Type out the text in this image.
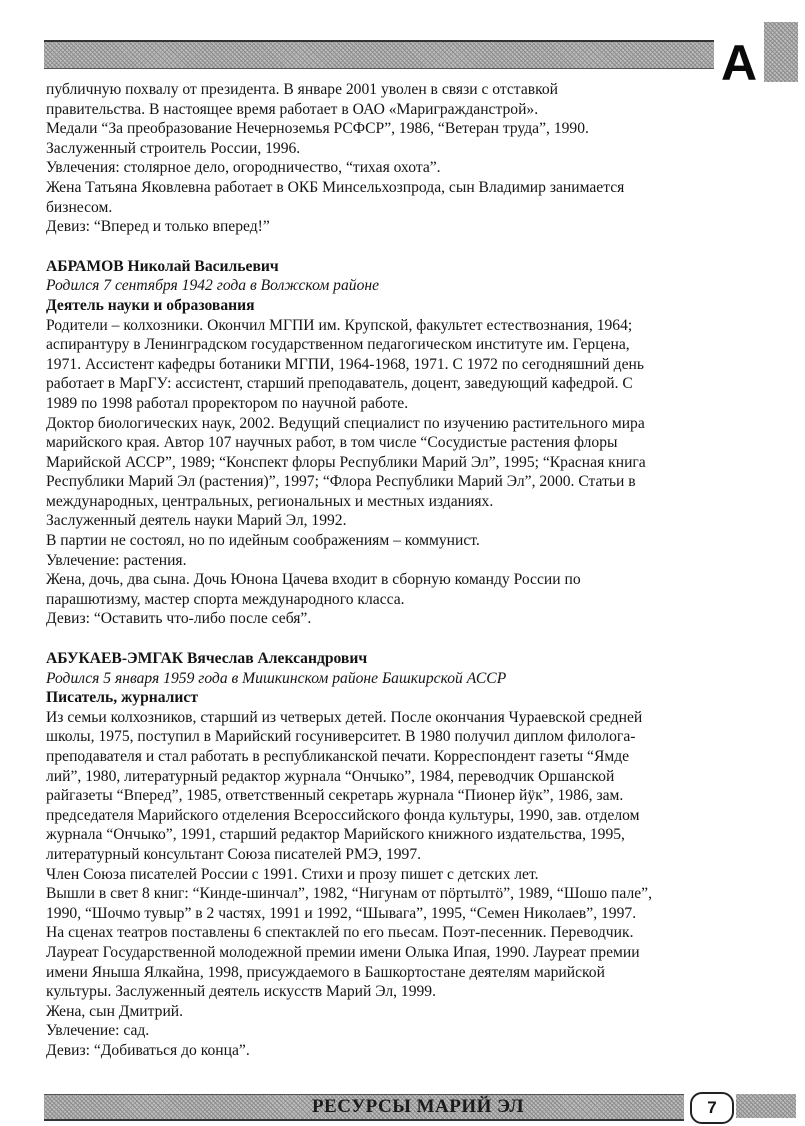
А
публичную похвалу от президента. В январе 2001 уволен в связи с отставкой
правительства. В настоящее время работает в ОАО «Мариграждaнстрой».
Медали “За преобразование Нечерноземья РСФСР”, 1986, “Ветеран труда”, 1990.
Заслуженный строитель России, 1996.
Увлечения: столярное дело, огородничество, “тихая охота”.
Жена Татьяна Яковлевна работает в ОКБ Минсельхозпрода, сын Владимир занимается
бизнесом.
Девиз: “Вперед и только вперед!”
АБРАМОВ Николай Васильевич
Родился 7 сентября 1942 года в Волжском районе
Деятель науки и образования
Родители – колхозники. Окончил МГПИ им. Крупской, факультет естествознания, 1964;
аспирантуру в Ленинградском государственном педагогическом институте им. Герцена,
1971. Ассистент кафедры ботаники МГПИ, 1964-1968, 1971. С 1972 по сегодняшний день
работает в МарГУ: ассистент, старший преподаватель, доцент, заведующий кафедрой. С
1989 по 1998 работал проректором по научной работе.
Доктор биологических наук, 2002. Ведущий специалист по изучению растительного мира
марийского края. Автор 107 научных работ, в том числе “Сосудистые растения флоры
Марийской АССР”, 1989; “Конспект флоры Республики Марий Эл”, 1995; “Красная книга
Республики Марий Эл (растения)”, 1997; “Флора Республики Марий Эл”, 2000. Статьи в
международных, центральных, региональных и местных изданиях.
Заслуженный деятель науки Марий Эл, 1992.
В партии не состоял, но по идейным соображениям – коммунист.
Увлечение: растения.
Жена, дочь, два сына. Дочь Юнона Цачева входит в сборную команду России по
парашютизму, мастер спорта международного класса.
Девиз: “Оставить что-либо после себя”.
АБУКАЕВ-ЭМГАК Вячеслав Александрович
Родился 5 января 1959 года в Мишкинском районе Башкирской АССР
Писатель, журналист
Из семьи колхозников, старший из четверых детей. После окончания Чураевской средней
школы, 1975, поступил в Марийский госуниверситет. В 1980 получил диплом филолога-
преподавателя и стал работать в республиканской печати. Корреспондент газеты “Ямде
лий”, 1980, литературный редактор журнала “Ончыко”, 1984, переводчик Оршанской
райгазеты “Вперед”, 1985, ответственный секретарь журнала “Пионер йӱк”, 1986, зам.
председателя Марийского отделения Всероссийского фонда культуры, 1990, зав. отделом
журнала “Ончыко”, 1991, старший редактор Марийского книжного издательства, 1995,
литературный консультант Союза писателей РМЭ, 1997.
Член Союза писателей России с 1991. Стихи и прозу пишет с детских лет.
Вышли в свет 8 книг: “Кинде-шинчал”, 1982, “Нигунам от пӧртылтӧ”, 1989, “Шошо пале”,
1990, “Шочмо тувыр” в 2 частях, 1991 и 1992, “Шывага”, 1995, “Семен Николаев”, 1997.
На сценах театров поставлены 6 спектаклей по его пьесам. Поэт-песенник. Переводчик.
Лауреат Государственной молодежной премии имени Олыка Ипая, 1990. Лауреат премии
имени Яныша Ялкайна, 1998, присуждаемого в Башкортостане деятелям марийской
культуры. Заслуженный деятель искусств Марий Эл, 1999.
Жена, сын Дмитрий.
Увлечение: сад.
Девиз: “Добиваться до конца”.
РЕСУРСЫ МАРИЙ ЭЛ	7
